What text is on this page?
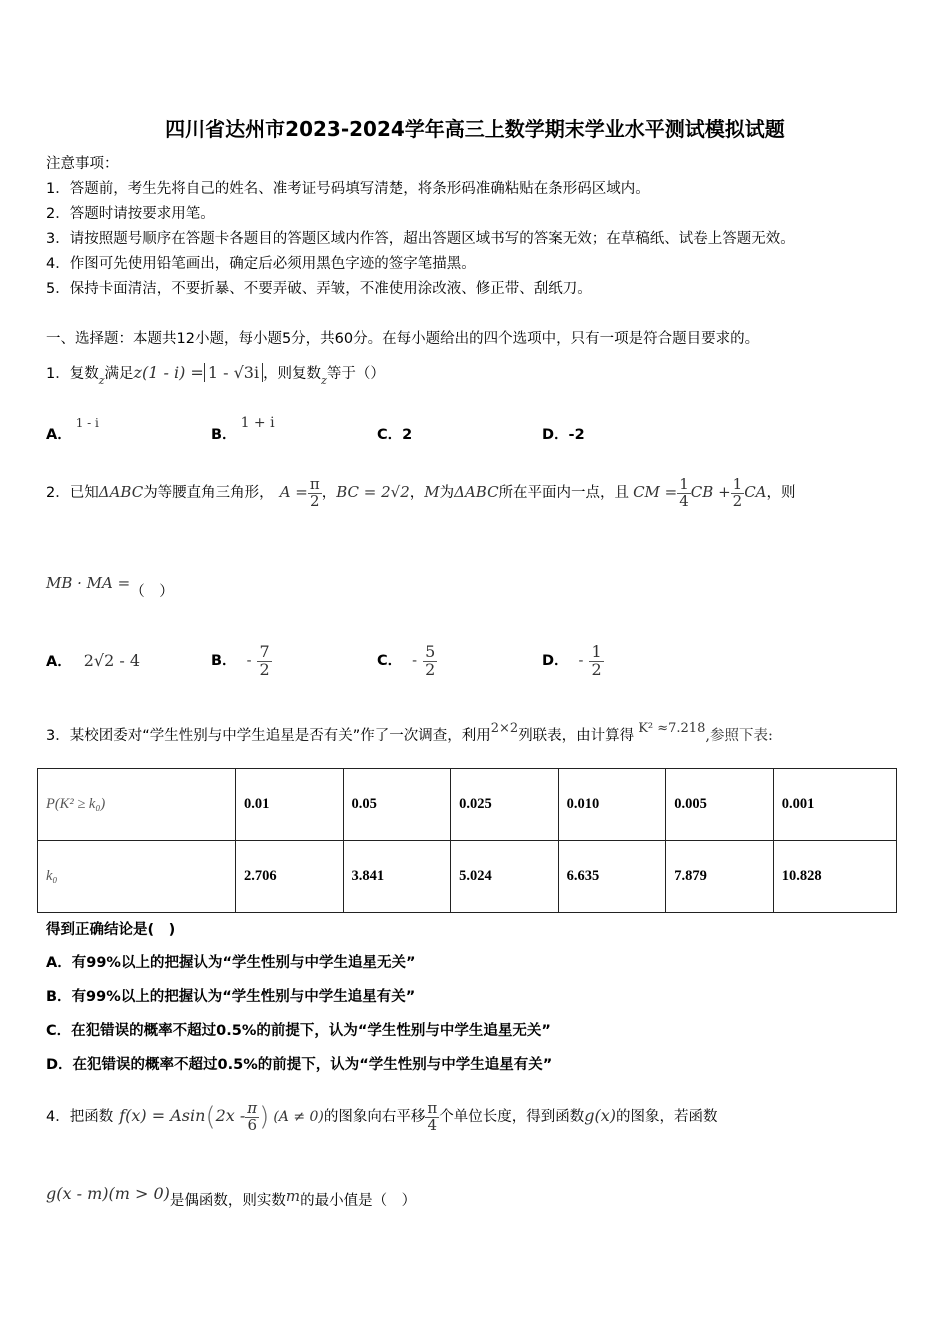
四川省达州市2023-2024学年高三上数学期末学业水平测试模拟试题
注意事项：
1．答题前，考生先将自己的姓名、准考证号码填写清楚，将条形码准确粘贴在条形码区域内。
2．答题时请按要求用笔。
3．请按照题号顺序在答题卡各题目的答题区域内作答，超出答题区域书写的答案无效；在草稿纸、试卷上答题无效。
4．作图可先使用铅笔画出，确定后必须用黑色字迹的签字笔描黑。
5．保持卡面清洁，不要折暴、不要弄破、弄皱，不准使用涂改液、修正带、刮纸刀。
一、选择题：本题共12小题，每小题5分，共60分。在每小题给出的四个选项中，只有一项是符合题目要求的。
1．复数$_z$满足z(1 - i) = 1 - √3i ，则复数$_z$等于（）
A．$^{1 - i}$
B．1 + i
C．2	D．-2
2．已知ΔABC为等腰直角三角形， $A = \frac{\pi}{2}$ ，BC = 2√2，M为ΔABC所在平面内一点，且 CM = $\frac{1}{4}$ CB + $\frac{1}{2}$ CA，则
MB · MA =（　）
A． 2√2 - 4	B． - $\frac{7}{2}$	C． - $\frac{5}{2}$	D． - $\frac{1}{2}$
3．某校团委对“学生性别与中学生追星是否有关”作了一次调查，利用2×2列联表，由计算得 K² ≈7.218,参照下表:
P(K² ≥ k₀)	0.01	0.05	0.025	0.010	0.005	0.001
k₀	2.706	3.841	5.024	6.635	7.879	10.828
得到正确结论是(　)
A．有99%以上的把握认为“学生性别与中学生追星无关”
B．有99%以上的把握认为“学生性别与中学生追星有关”
C．在犯错误的概率不超过0.5%的前提下，认为“学生性别与中学生追星无关”
D．在犯错误的概率不超过0.5%的前提下，认为“学生性别与中学生追星有关”
4．把函数 $f(x) = Asin(2x - \frac{\pi}{6}$ ) (A ≠ 0)的图象向右平移 $\frac{\pi}{4}$ 个单位长度，得到函数g(x)的图象，若函数
g(x - m)(m > 0)是偶函数，则实数m的最小值是（　）
